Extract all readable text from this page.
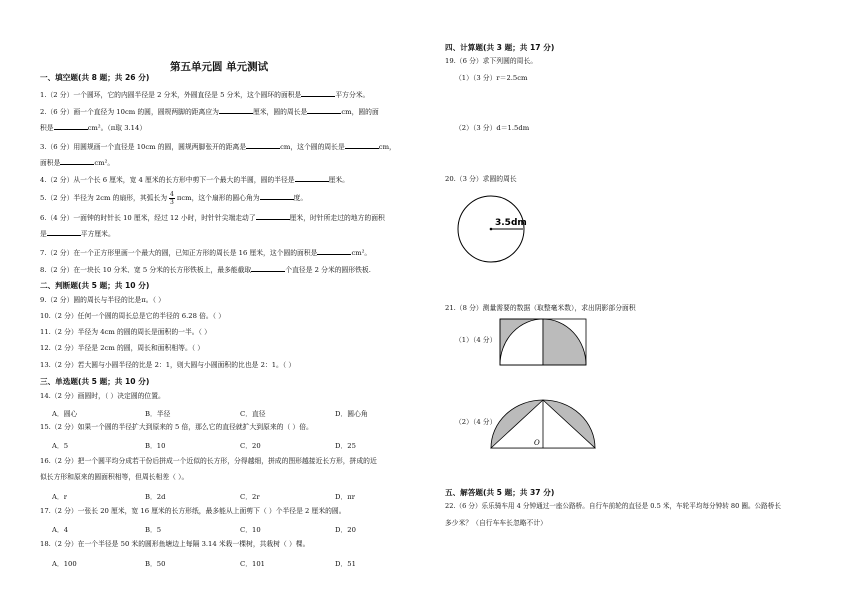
第五单元圆 单元测试
一、填空题(共 8 题；共 26 分)
1.（2 分）一个圆环，它的内圆半径是 2 分米，外圆直径是 5 分米，这个圆环的面积是	平方分米。
2.（6 分）画一个直径为 10cm 的圆，圆规两脚的距离应为	厘米，圆的周长是	cm，圆的面
积是	cm²。（π取 3.14）
3.（6 分）用圆规画一个直径是 10cm 的圆，圆规两脚张开的距离是	cm，这个圆的周长是	cm，
面积是	cm²。
4.（2 分）从一个长 6 厘米，宽 4 厘米的长方形中剪下一个最大的半圆，圆的半径是	厘米。
5.（2 分）半径为 2cm 的扇形，其弧长为 $\frac{4}{3}$ πcm，这个扇形的圆心角为	度。
6.（4 分）一面钟的时针长 10 厘米，经过 12 小时，时针针尖端走动了	厘米，时针所走过的地方的面积
是	平方厘米。
7.（2 分）在一个正方形里画一个最大的圆，已知正方形的周长是 16 厘米，这个圆的面积是	cm²。
8.（2 分）在一块长 10 分米、宽 5 分米的长方形铁板上，最多能截取	个直径是 2 分米的圆形铁板.
二、判断题(共 5 题；共 10 分)
9.（2 分）圆的周长与半径的比是π。（ ）
10.（2 分）任何一个圆的周长总是它的半径的 6.28 倍。（ ）
11.（2 分）半径为 4cm 的圆的周长是面积的一半。（ ）
12.（2 分）半径是 2cm 的圆，周长和面积相等。（ ）
13.（2 分）若大圆与小圆半径的比是 2：1，则大圆与小圆面积的比也是 2：1。（ ）
三、单选题(共 5 题；共 10 分)
14.（2 分）画圆时，（ ）决定圆的位置。
A．圆心	B．半径	C．直径	D．圆心角
15.（2 分）如果一个圆的半径扩大到原来的 5 倍，那么它的直径就扩大到原来的（ ）倍。
A．5	B．10	C．20	D．25
16.（2 分）把一个圆平均分成若干份后拼成一个近似的长方形，分得越细，拼成的图形越接近长方形，拼成的近
似长方形和原来的圆面积相等，但周长相差（ ）。
A．r	B．2d	C．2r	D．πr
17.（2 分）一张长 20 厘米，宽 16 厘米的长方形纸，最多能从上面剪下（ ）个半径是 2 厘米的圆。
A．4	B．5	C．10	D．20
18.（2 分）在一个半径是 50 米的圆形鱼塘边上每隔 3.14 米栽一棵树，共栽树（ ）棵。
A．100	B．50	C．101	D．51
四、计算题(共 3 题；共 17 分)
19.（6 分）求下列圆的周长。
（1）（3 分）r＝2.5cm
（2）（3 分）d＝1.5dm
20.（3 分）求圆的周长
3.5dm
21.（8 分）测量需要的数据（取整毫米数），求出阴影部分面积
（1）（4 分）
（2）（4 分）
O
五、解答题(共 5 题；共 37 分)
22.（6 分）乐乐骑车用 4 分钟通过一座公路桥。自行车前轮的直径是 0.5 米，车轮平均每分钟转 80 圈。公路桥长
多少米？（自行车车长忽略不计）
